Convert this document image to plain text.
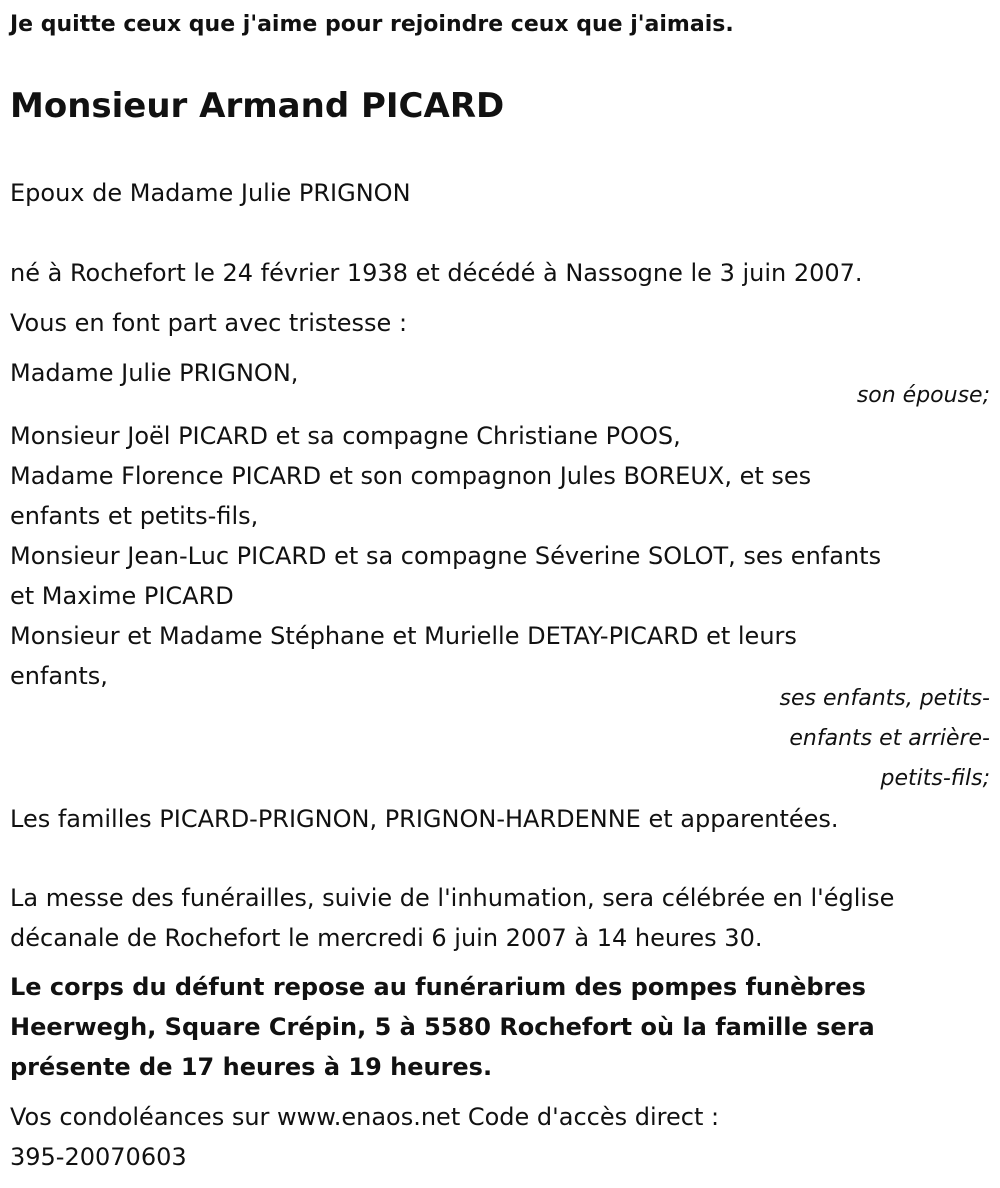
Je quitte ceux que j'aime pour rejoindre ceux que j'aimais.

Monsieur Armand PICARD

Epoux de Madame Julie PRIGNON

né à Rochefort le 24 février 1938 et décédé à Nassogne le 3 juin 2007.

Vous en font part avec tristesse :

Madame Julie PRIGNON,

son épouse;

Monsieur Joël PICARD et sa compagne Christiane POOS,
Madame Florence PICARD et son compagnon Jules BOREUX, et ses
enfants et petits-fils,
Monsieur Jean-Luc PICARD et sa compagne Séverine SOLOT, ses enfants
et Maxime PICARD
Monsieur et Madame Stéphane et Murielle DETAY-PICARD et leurs
enfants,
ses enfants, petits-
enfants et arrière-
petits-fils;

Les familles PICARD-PRIGNON, PRIGNON-HARDENNE et apparentées.

La messe des funérailles, suivie de l'inhumation, sera célébrée en l'église
décanale de Rochefort le mercredi 6 juin 2007 à 14 heures 30.
Le corps du défunt repose au funérarium des pompes funèbres
Heerwegh, Square Crépin, 5 à 5580 Rochefort où la famille sera
présente de 17 heures à 19 heures.
Vos condoléances sur www.enaos.net Code d'accès direct :
395-20070603
